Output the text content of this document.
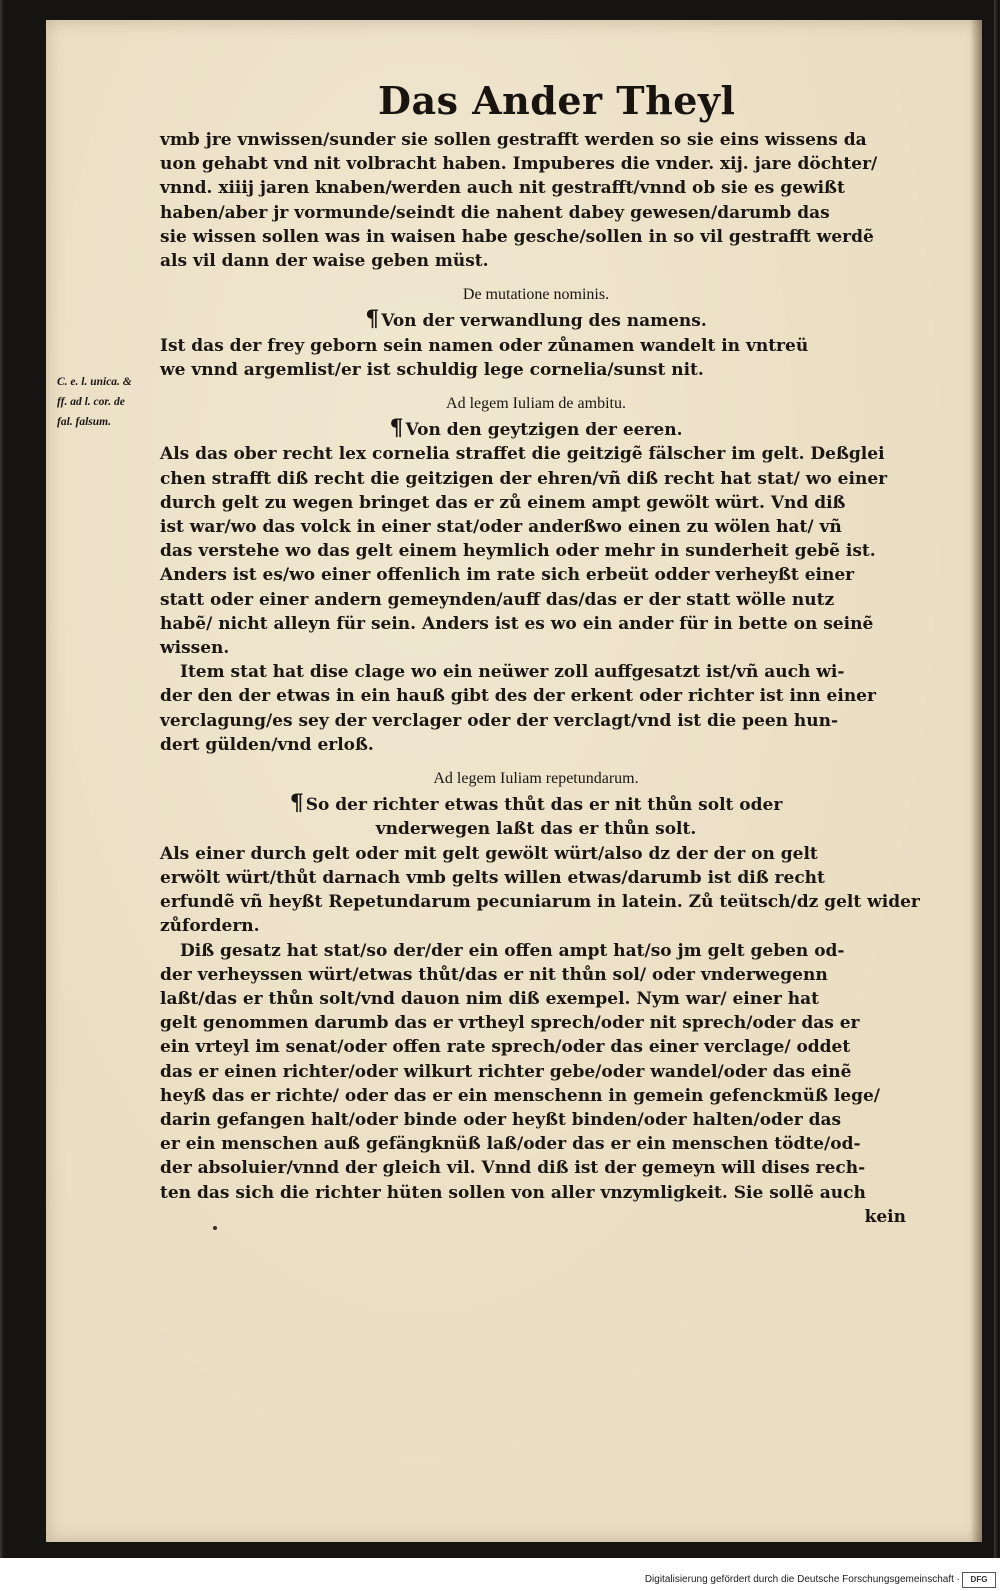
Das Ander Theyl
C. e. l. unica. &
ff. ad l. cor. de
fal. falsum.

vmb jre vnwissen/sunder sie sollen gestrafft werden so sie eins wissens da

uon gehabt vnd nit volbracht haben. Impuberes die vnder. xij. jare döchter/

vnnd. xiiij jaren knaben/werden auch nit gestrafft/vnnd ob sie es gewißt

haben/aber jr vormunde/seindt die nahent dabey gewesen/darumb das

sie wissen sollen was in waisen habe gesche/sollen in so vil gestrafft werdẽ

als vil dann der waise geben müst.

De mutatione nominis.

¶ Von der verwandlung des namens.

Ist das der frey geborn sein namen oder zůnamen wandelt in vntreü

we vnnd argemlist/er ist schuldig lege cornelia/sunst nit.

Ad legem Iuliam de ambitu.

¶ Von den geytzigen der eeren.

Als das ober recht lex cornelia straffet die geitzigẽ fälscher im gelt. Deßglei

chen strafft diß recht die geitzigen der ehren/vñ diß recht hat stat/ wo einer

durch gelt zu wegen bringet das er zů einem ampt gewölt würt. Vnd diß

ist war/wo das volck in einer stat/oder anderßwo einen zu wölen hat/ vñ

das verstehe wo das gelt einem heymlich oder mehr in sunderheit gebẽ ist.

Anders ist es/wo einer offenlich im rate sich erbeüt odder verheyßt einer

statt oder einer andern gemeynden/auff das/das er der statt wölle nutz

habẽ/ nicht alleyn für sein. Anders ist es wo ein ander für in bette on seinẽ

wissen.

Item stat hat dise clage wo ein neüwer zoll auffgesatzt ist/vñ auch wi-

der den der etwas in ein hauß gibt des der erkent oder richter ist inn einer

verclagung/es sey der verclager oder der verclagt/vnd ist die peen hun-

dert gülden/vnd erloß.

Ad legem Iuliam repetundarum.

¶ So der richter etwas thůt das er nit thůn solt oder

vnderwegen laßt das er thůn solt.

Als einer durch gelt oder mit gelt gewölt würt/also dz der der on gelt

erwölt würt/thůt darnach vmb gelts willen etwas/darumb ist diß recht

erfundẽ vñ heyßt Repetundarum pecuniarum in latein. Zů teütsch/dz gelt wider

zůfordern.

Diß gesatz hat stat/so der/der ein offen ampt hat/so jm gelt geben od-

der verheyssen würt/etwas thůt/das er nit thůn sol/ oder vnderwegenn

laßt/das er thůn solt/vnd dauon nim diß exempel. Nym war/ einer hat

gelt genommen darumb das er vrtheyl sprech/oder nit sprech/oder das er

ein vrteyl im senat/oder offen rate sprech/oder das einer verclage/ oddet

das er einen richter/oder wilkurt richter gebe/oder wandel/oder das einẽ

heyß das er richte/ oder das er ein menschenn in gemein gefenckmüß lege/

darin gefangen halt/oder binde oder heyßt binden/oder halten/oder das

er ein menschen auß gefängknüß laß/oder das er ein menschen tödte/od-

der absoluier/vnnd der gleich vil. Vnnd diß ist der gemeyn will dises rech-

ten das sich die richter hüten sollen von aller vnzymligkeit. Sie sollẽ auch

kein

Digitalisierung gefördert durch die Deutsche Forschungsgemeinschaft ·	DFG
